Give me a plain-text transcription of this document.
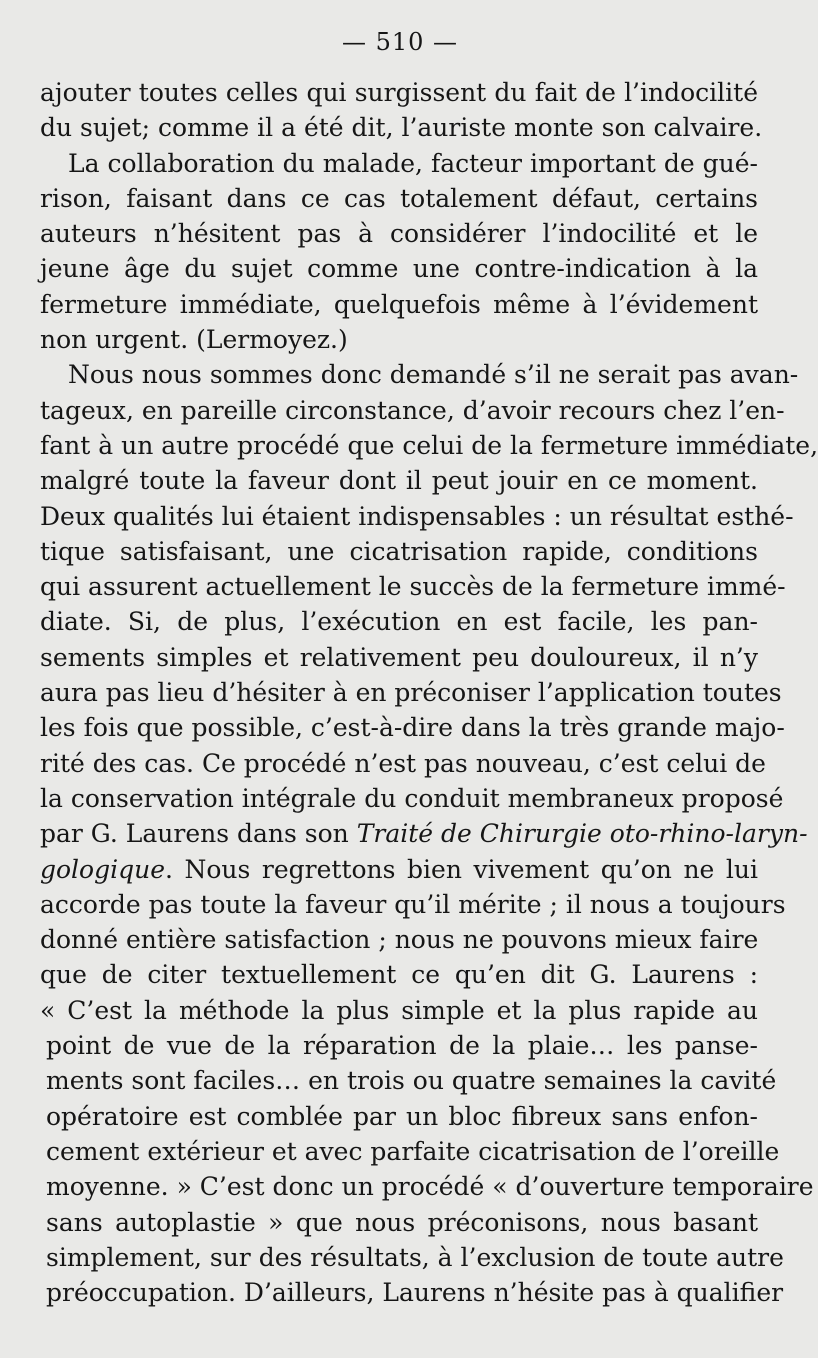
— 510 —
ajouter toutes celles qui surgissent du fait de l’indocilité
du sujet; comme il a été dit, l’auriste monte son calvaire.
La collaboration du malade, facteur important de gué-
rison, faisant dans ce cas totalement défaut, certains
auteurs n’hésitent pas à considérer l’indocilité et le
jeune âge du sujet comme une contre-indication à la
fermeture immédiate, quelquefois même à l’évidement
non urgent. (Lermoyez.)
Nous nous sommes donc demandé s’il ne serait pas avan-
tageux, en pareille circonstance, d’avoir recours chez l’en-
fant à un autre procédé que celui de la fermeture immédiate,
malgré toute la faveur dont il peut jouir en ce moment.
Deux qualités lui étaient indispensables : un résultat esthé-
tique satisfaisant, une cicatrisation rapide, conditions
qui assurent actuellement le succès de la fermeture immé-
diate. Si, de plus, l’exécution en est facile, les pan-
sements simples et relativement peu douloureux, il n’y
aura pas lieu d’hésiter à en préconiser l’application toutes
les fois que possible, c’est-à-dire dans la très grande majo-
rité des cas. Ce procédé n’est pas nouveau, c’est celui de
la conservation intégrale du conduit membraneux proposé
par G. Laurens dans son Traité de Chirurgie oto-rhino-laryn-
gologique. Nous regrettons bien vivement qu’on ne lui
accorde pas toute la faveur qu’il mérite ; il nous a toujours
donné entière satisfaction ; nous ne pouvons mieux faire
que de citer textuellement ce qu’en dit G. Laurens :
« C’est la méthode la plus simple et la plus rapide au
point de vue de la réparation de la plaie… les panse-
ments sont faciles… en trois ou quatre semaines la cavité
opératoire est comblée par un bloc fibreux sans enfon-
cement extérieur et avec parfaite cicatrisation de l’oreille
moyenne. » C’est donc un procédé « d’ouverture temporaire
sans autoplastie » que nous préconisons, nous basant
simplement, sur des résultats, à l’exclusion de toute autre
préoccupation. D’ailleurs, Laurens n’hésite pas à qualifier
